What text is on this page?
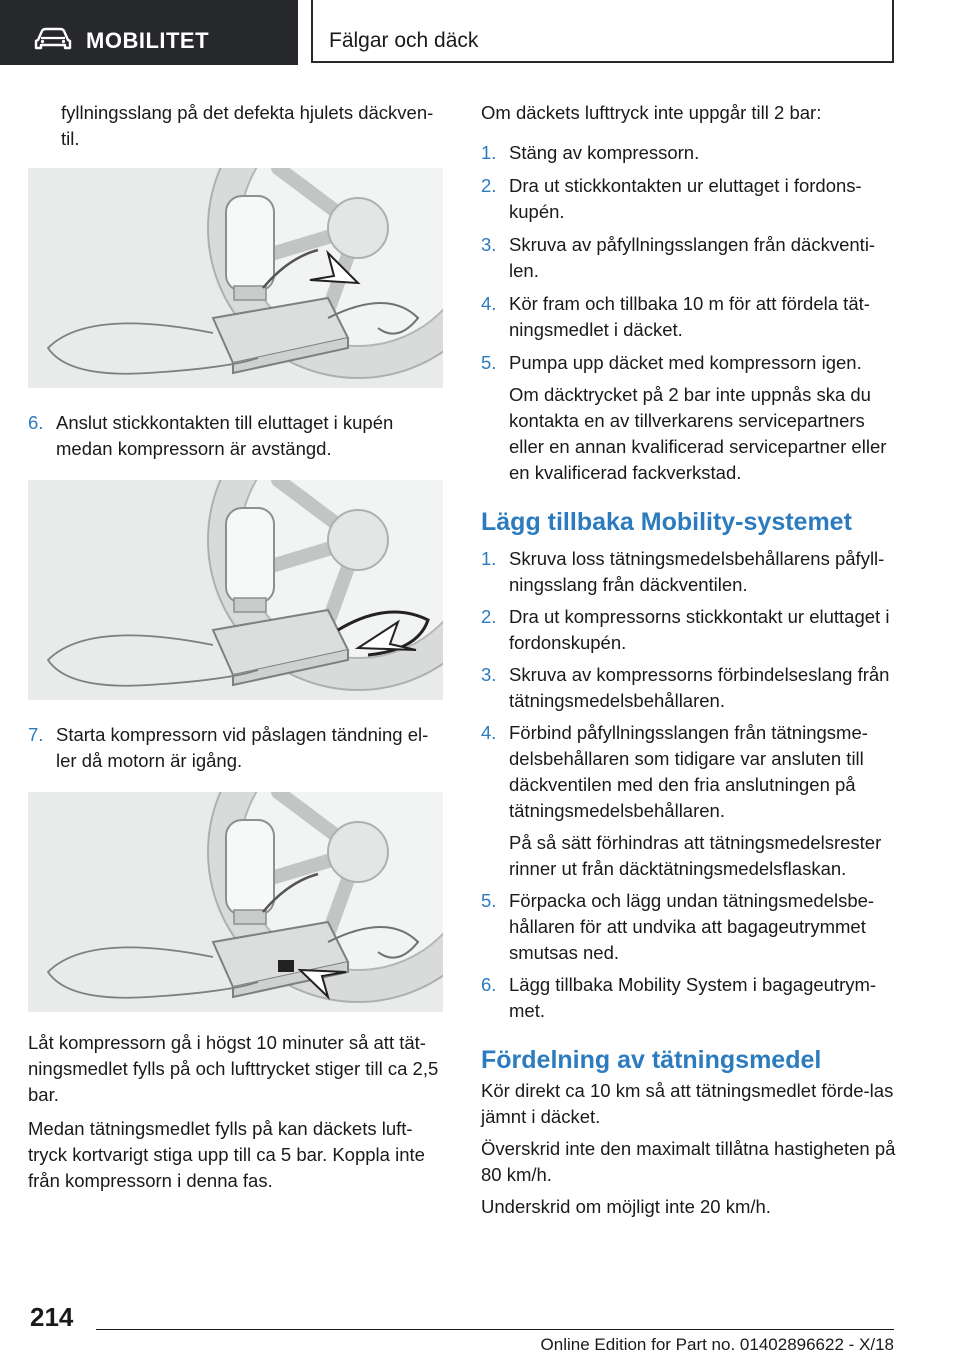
MOBILITET	Fälgar och däck

fyllningsslang på det defekta hjulets däckven‐til.

6. Anslut stickkontakten till eluttaget i kupén medan kompressorn är avstängd.
7. Starta kompressorn vid påslagen tändning el‐ler då motorn är igång.

Låt kompressorn gå i högst 10 minuter så att tät‐ningsmedlet fylls på och lufttrycket stiger till ca 2,5 bar.

Medan tätningsmedlet fylls på kan däckets luft‐tryck kortvarigt stiga upp till ca 5 bar. Koppla inte från kompressorn i denna fas.

Om däckets lufttryck inte uppgår till 2 bar:

1. Stäng av kompressorn.
2. Dra ut stickkontakten ur eluttaget i fordons‐kupén.
3. Skruva av påfyllningsslangen från däckventi‐len.
4. Kör fram och tillbaka 10 m för att fördela tät‐ningsmedlet i däcket.
5. Pumpa upp däcket med kompressorn igen.

Om däcktrycket på 2 bar inte uppnås ska du kontakta en av tillverkarens servicepartners eller en annan kvalificerad servicepartner eller en kvalificerad fackverkstad.

Lägg tillbaka Mobility-systemet
1. Skruva loss tätningsmedelsbehållarens påfyll‐ningsslang från däckventilen.
2. Dra ut kompressorns stickkontakt ur eluttaget i fordonskupén.
3. Skruva av kompressorns förbindelseslang från tätningsmedelsbehållaren.
4. Förbind påfyllningsslangen från tätningsme‐delsbehållaren som tidigare var ansluten till däckventilen med den fria anslutningen på tätningsmedelsbehållaren.

På så sätt förhindras att tätningsmedelsrester rinner ut från däcktätningsmedelsflaskan.

5. Förpacka och lägg undan tätningsmedelsbe‐hållaren för att undvika att bagageutrymmet smutsas ned.
6. Lägg tillbaka Mobility System i bagageutrym‐met.
Fördelning av tätningsmedel

Kör direkt ca 10 km så att tätningsmedlet förde‐las jämnt i däcket.

Överskrid inte den maximalt tillåtna hastigheten på 80 km/h.

Underskrid om möjligt inte 20 km/h.

214
Online Edition for Part no. 01402896622 - X/18
